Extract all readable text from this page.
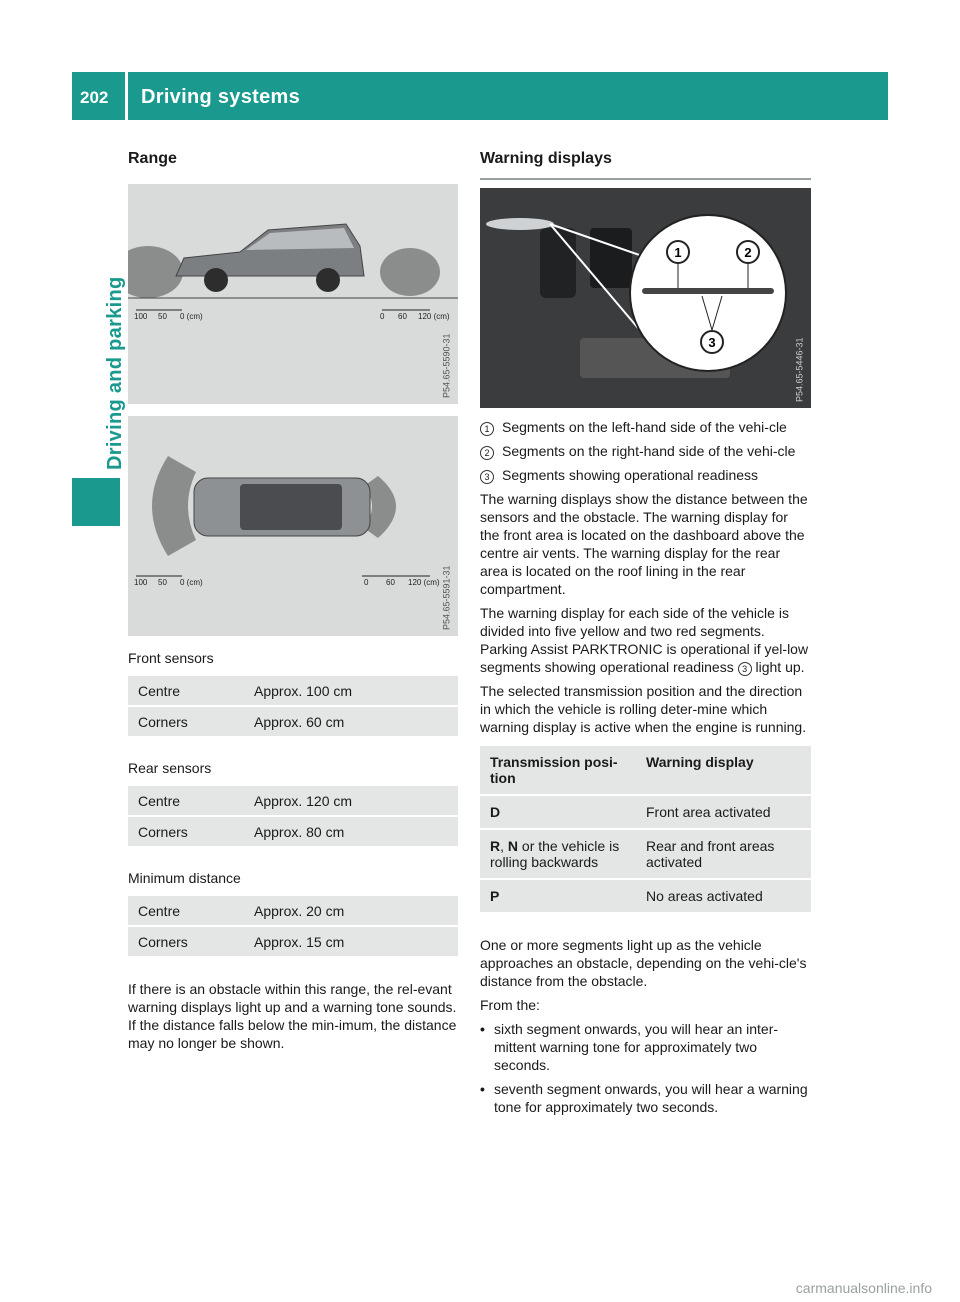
202 Driving systems
Driving and parking
Range
100 50 0 (cm)	0 60 120 (cm)
P54.65-5590-31
100 50 0 (cm)	0 60 120 (cm) P54.65-5591-31

Front sensors

Centre	Approx. 100 cm
Corners	Approx. 60 cm

Rear sensors

Centre	Approx. 120 cm
Corners	Approx. 80 cm

Minimum distance

Centre	Approx. 20 cm
Corners	Approx. 15 cm

If there is an obstacle within this range, the rel-evant warning displays light up and a warning tone sounds. If the distance falls below the min-imum, the distance may no longer be shown.

Warning displays
1	2
3	P54.65-5446-31
1 Segments on the left-hand side of the vehi-cle
2 Segments on the right-hand side of the vehi-cle
3 Segments showing operational readiness

The warning displays show the distance between the sensors and the obstacle. The warning display for the front area is located on the dashboard above the centre air vents. The warning display for the rear area is located on the roof lining in the rear compartment.

The warning display for each side of the vehicle is divided into five yellow and two red segments. Parking Assist PARKTRONIC is operational if yel-low segments showing operational readiness 3 light up.

The selected transmission position and the direction in which the vehicle is rolling deter-mine which warning display is active when the engine is running.

Transmission posi-tion	Warning display
D	Front area activated
R, N or the vehicle is rolling backwards	Rear and front areas activated
P	No areas activated

One or more segments light up as the vehicle approaches an obstacle, depending on the vehi-cle's distance from the obstacle.

From the:

• sixth segment onwards, you will hear an inter-mittent warning tone for approximately two seconds.
• seventh segment onwards, you will hear a warning tone for approximately two seconds.
carmanualsonline.info
